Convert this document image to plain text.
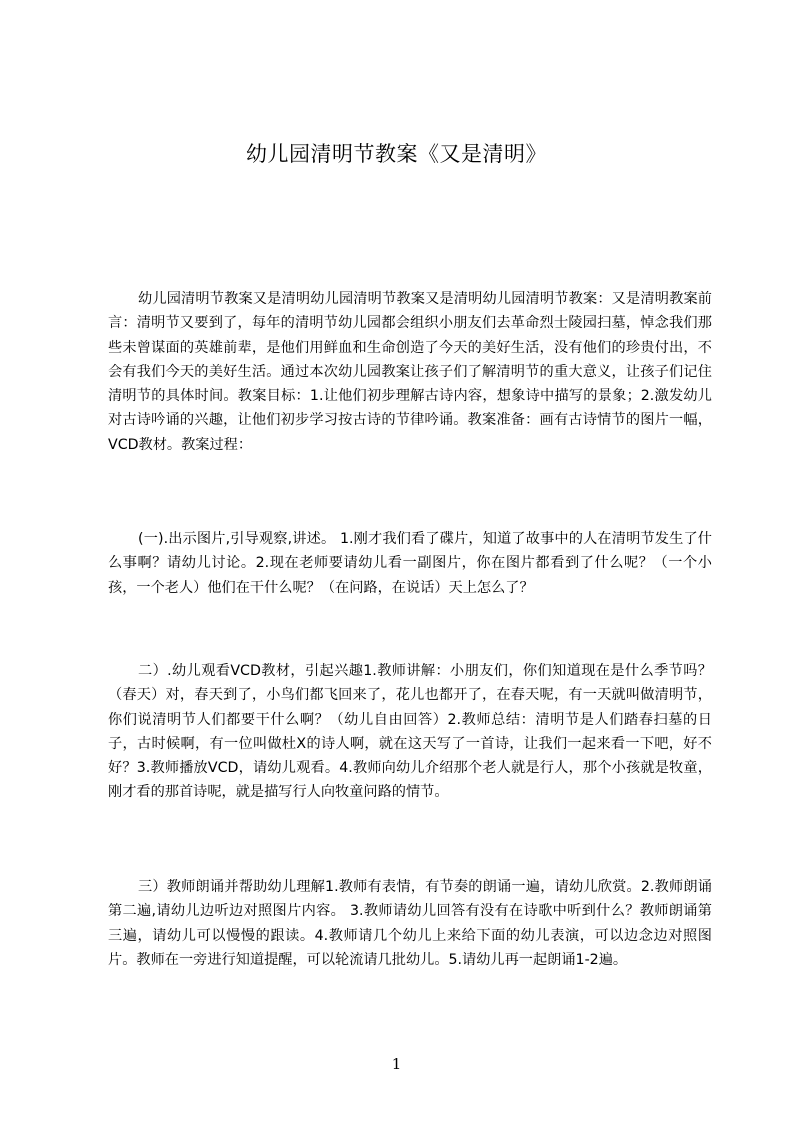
幼儿园清明节教案《又是清明》

幼儿园清明节教案又是清明幼儿园清明节教案又是清明幼儿园清明节教案：又是清明教案前言：清明节又要到了，每年的清明节幼儿园都会组织小朋友们去革命烈士陵园扫墓，悼念我们那些未曾谋面的英雄前辈，是他们用鲜血和生命创造了今天的美好生活，没有他们的珍贵付出，不会有我们今天的美好生活。通过本次幼儿园教案让孩子们了解清明节的重大意义，让孩子们记住清明节的具体时间。教案目标：1.让他们初步理解古诗内容，想象诗中描写的景象；2.激发幼儿对古诗吟诵的兴趣，让他们初步学习按古诗的节律吟诵。教案准备：画有古诗情节的图片一幅，VCD教材。教案过程：

(一).出示图片,引导观察,讲述。 1.刚才我们看了碟片，知道了故事中的人在清明节发生了什么事啊？请幼儿讨论。2.现在老师要请幼儿看一副图片，你在图片都看到了什么呢？（一个小孩，一个老人）他们在干什么呢？（在问路，在说话）天上怎么了？

二）.幼儿观看VCD教材，引起兴趣1.教师讲解：小朋友们，你们知道现在是什么季节吗？（春天）对，春天到了，小鸟们都飞回来了，花儿也都开了，在春天呢，有一天就叫做清明节，你们说清明节人们都要干什么啊？（幼儿自由回答）2.教师总结：清明节是人们踏春扫墓的日子，古时候啊，有一位叫做杜X的诗人啊，就在这天写了一首诗，让我们一起来看一下吧，好不好？3.教师播放VCD，请幼儿观看。4.教师向幼儿介绍那个老人就是行人，那个小孩就是牧童，刚才看的那首诗呢，就是描写行人向牧童问路的情节。

三）教师朗诵并帮助幼儿理解1.教师有表情，有节奏的朗诵一遍，请幼儿欣赏。2.教师朗诵第二遍,请幼儿边听边对照图片内容。 3.教师请幼儿回答有没有在诗歌中听到什么？教师朗诵第三遍，请幼儿可以慢慢的跟读。4.教师请几个幼儿上来给下面的幼儿表演，可以边念边对照图片。教师在一旁进行知道提醒，可以轮流请几批幼儿。5.请幼儿再一起朗诵1-2遍。

1
